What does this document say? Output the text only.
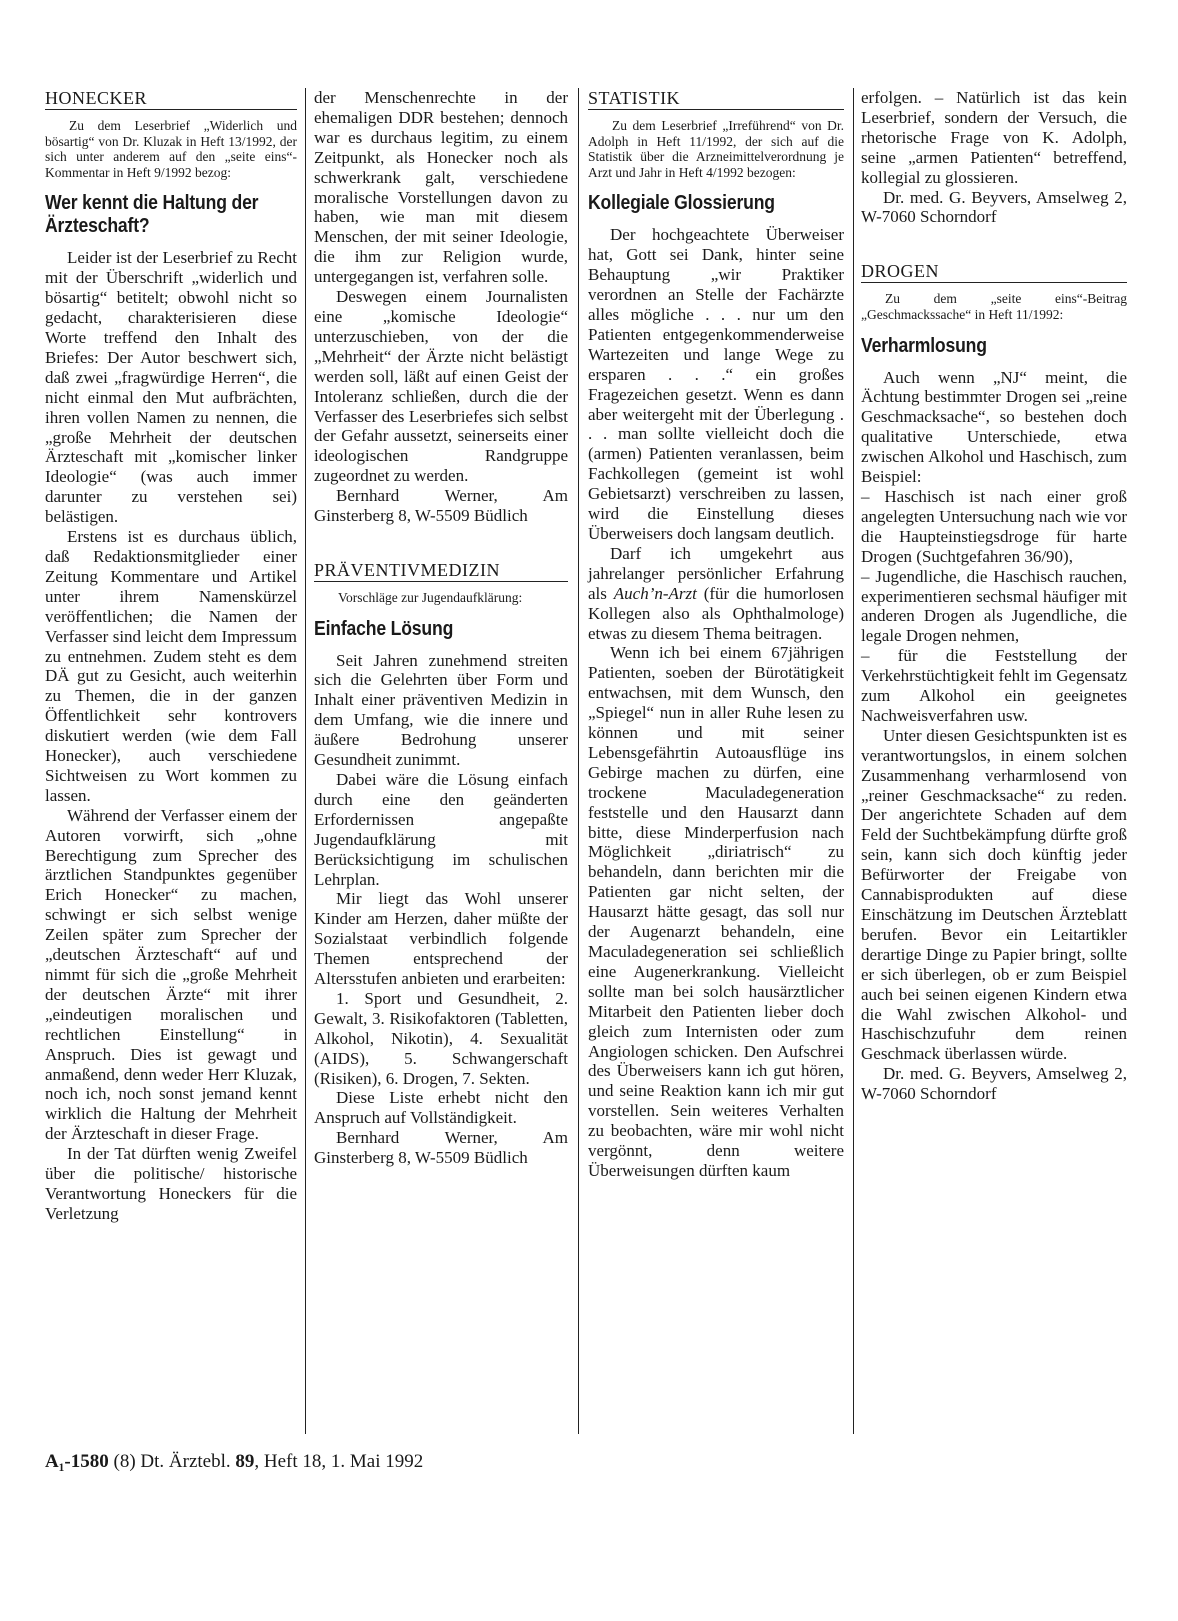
HONECKER

Zu dem Leserbrief „Widerlich und bösartig“ von Dr. Kluzak in Heft 13/1992, der sich unter anderem auf den „seite eins“-Kommentar in Heft 9/1992 bezog:

Wer kennt die Haltung der Ärzteschaft?

Leider ist der Leserbrief zu Recht mit der Überschrift „widerlich und bösartig“ betitelt; obwohl nicht so gedacht, charakterisieren diese Worte treffend den Inhalt des Briefes: Der Autor beschwert sich, daß zwei „fragwürdige Herren“, die nicht einmal den Mut aufbrächten, ihren vollen Namen zu nennen, die „große Mehrheit der deutschen Ärzteschaft mit „komischer linker Ideologie“ (was auch immer darunter zu verstehen sei) belästigen.

Erstens ist es durchaus üblich, daß Redaktionsmitglieder einer Zeitung Kommentare und Artikel unter ihrem Namenskürzel veröffentlichen; die Namen der Verfasser sind leicht dem Impressum zu entnehmen. Zudem steht es dem DÄ gut zu Gesicht, auch weiterhin zu Themen, die in der ganzen Öffentlichkeit sehr kontrovers diskutiert werden (wie dem Fall Honecker), auch verschiedene Sichtweisen zu Wort kommen zu lassen.

Während der Verfasser einem der Autoren vorwirft, sich „ohne Berechtigung zum Sprecher des ärztlichen Standpunktes gegenüber Erich Honecker“ zu machen, schwingt er sich selbst wenige Zeilen später zum Sprecher der „deutschen Ärzteschaft“ auf und nimmt für sich die „große Mehrheit der deutschen Ärzte“ mit ihrer „eindeutigen moralischen und rechtlichen Einstellung“ in Anspruch. Dies ist gewagt und anmaßend, denn weder Herr Kluzak, noch ich, noch sonst jemand kennt wirklich die Haltung der Mehrheit der Ärzteschaft in dieser Frage.

In der Tat dürften wenig Zweifel über die politische/ historische Verantwortung Honeckers für die Verletzung

der Menschenrechte in der ehemaligen DDR bestehen; dennoch war es durchaus legitim, zu einem Zeitpunkt, als Honecker noch als schwerkrank galt, verschiedene moralische Vorstellungen davon zu haben, wie man mit diesem Menschen, der mit seiner Ideologie, die ihm zur Religion wurde, untergegangen ist, verfahren solle.

Deswegen einem Journalisten eine „komische Ideologie“ unterzuschieben, von der die „Mehrheit“ der Ärzte nicht belästigt werden soll, läßt auf einen Geist der Intoleranz schließen, durch die der Verfasser des Leserbriefes sich selbst der Gefahr aussetzt, seinerseits einer ideologischen Randgruppe zugeordnet zu werden.

Bernhard Werner, Am Ginsterberg 8, W-5509 Büdlich

PRÄVENTIVMEDIZIN

Vorschläge zur Jugendaufklärung:

Einfache Lösung

Seit Jahren zunehmend streiten sich die Gelehrten über Form und Inhalt einer präventiven Medizin in dem Umfang, wie die innere und äußere Bedrohung unserer Gesundheit zunimmt.

Dabei wäre die Lösung einfach durch eine den geänderten Erfordernissen angepaßte Jugendaufklärung mit Berücksichtigung im schulischen Lehrplan.

Mir liegt das Wohl unserer Kinder am Herzen, daher müßte der Sozialstaat verbindlich folgende Themen entsprechend der Altersstufen anbieten und erarbeiten:

1. Sport und Gesundheit, 2. Gewalt, 3. Risikofaktoren (Tabletten, Alkohol, Nikotin), 4. Sexualität (AIDS), 5. Schwangerschaft (Risiken), 6. Drogen, 7. Sekten.

Diese Liste erhebt nicht den Anspruch auf Vollständigkeit.

Bernhard Werner, Am Ginsterberg 8, W-5509 Büdlich

STATISTIK

Zu dem Leserbrief „Irreführend“ von Dr. Adolph in Heft 11/1992, der sich auf die Statistik über die Arzneimittelverordnung je Arzt und Jahr in Heft 4/1992 bezogen:

Kollegiale Glossierung

Der hochgeachtete Überweiser hat, Gott sei Dank, hinter seine Behauptung „wir Praktiker verordnen an Stelle der Fachärzte alles mögliche . . . nur um den Patienten entgegenkommenderweise Wartezeiten und lange Wege zu ersparen . . .“ ein großes Fragezeichen gesetzt. Wenn es dann aber weitergeht mit der Überlegung . . . man sollte vielleicht doch die (armen) Patienten veranlassen, beim Fachkollegen (gemeint ist wohl Gebietsarzt) verschreiben zu lassen, wird die Einstellung dieses Überweisers doch langsam deutlich.

Darf ich umgekehrt aus jahrelanger persönlicher Erfahrung als Auch’n-Arzt (für die humorlosen Kollegen also als Ophthalmologe) etwas zu diesem Thema beitragen.

Wenn ich bei einem 67jährigen Patienten, soeben der Bürotätigkeit entwachsen, mit dem Wunsch, den „Spiegel“ nun in aller Ruhe lesen zu können und mit seiner Lebensgefährtin Autoausflüge ins Gebirge machen zu dürfen, eine trockene Maculadegeneration feststelle und den Hausarzt dann bitte, diese Minderperfusion nach Möglichkeit „diriatrisch“ zu behandeln, dann berichten mir die Patienten gar nicht selten, der Hausarzt hätte gesagt, das soll nur der Augenarzt behandeln, eine Maculadegeneration sei schließlich eine Augenerkrankung. Vielleicht sollte man bei solch hausärztlicher Mitarbeit den Patienten lieber doch gleich zum Internisten oder zum Angiologen schicken. Den Aufschrei des Überweisers kann ich gut hören, und seine Reaktion kann ich mir gut vorstellen. Sein weiteres Verhalten zu beobachten, wäre mir wohl nicht vergönnt, denn weitere Überweisungen dürften kaum

erfolgen. – Natürlich ist das kein Leserbrief, sondern der Versuch, die rhetorische Frage von K. Adolph, seine „armen Patienten“ betreffend, kollegial zu glossieren.

Dr. med. G. Beyvers, Amselweg 2, W-7060 Schorndorf

DROGEN

Zu dem „seite eins“-Beitrag „Geschmackssache“ in Heft 11/1992:

Verharmlosung

Auch wenn „NJ“ meint, die Ächtung bestimmter Drogen sei „reine Geschmacksache“, so bestehen doch qualitative Unterschiede, etwa zwischen Alkohol und Haschisch, zum Beispiel:

– Haschisch ist nach einer groß angelegten Untersuchung nach wie vor die Haupteinstiegsdroge für harte Drogen (Suchtgefahren 36/90),

– Jugendliche, die Haschisch rauchen, experimentieren sechsmal häufiger mit anderen Drogen als Jugendliche, die legale Drogen nehmen,

– für die Feststellung der Verkehrstüchtigkeit fehlt im Gegensatz zum Alkohol ein geeignetes Nachweisverfahren usw.

Unter diesen Gesichtspunkten ist es verantwortungslos, in einem solchen Zusammenhang verharmlosend von „reiner Geschmacksache“ zu reden. Der angerichtete Schaden auf dem Feld der Suchtbekämpfung dürfte groß sein, kann sich doch künftig jeder Befürworter der Freigabe von Cannabisprodukten auf diese Einschätzung im Deutschen Ärzteblatt berufen. Bevor ein Leitartikler derartige Dinge zu Papier bringt, sollte er sich überlegen, ob er zum Beispiel auch bei seinen eigenen Kindern etwa die Wahl zwischen Alkohol- und Haschischzufuhr dem reinen Geschmack überlassen würde.

Dr. med. G. Beyvers, Amselweg 2, W-7060 Schorndorf

A₁-1580 (8) Dt. Ärztebl. 89, Heft 18, 1. Mai 1992
